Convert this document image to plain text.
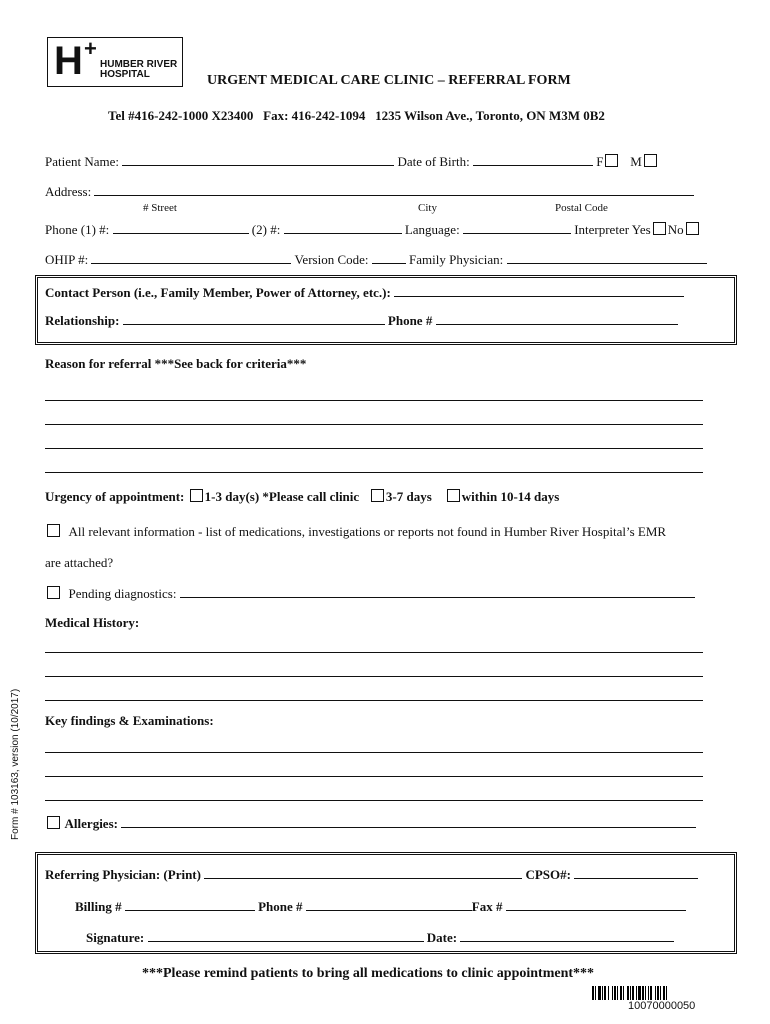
H +
HUMBER RIVER
HOSPITAL	URGENT MEDICAL CARE CLINIC – REFERRAL FORM
Tel #416-242-1000 X23400   Fax: 416-242-1094   1235 Wilson Ave., Toronto, ON M3M 0B2
Patient Name:	Date of Birth:	F M
Address:
# Street	City	Postal Code
Phone (1) #:	(2) #:	Language:	Interpreter Yes No
OHIP #:	Version Code:	Family Physician:
Contact Person (i.e., Family Member, Power of Attorney, etc.):
Relationship:	Phone #
Reason for referral ***See back for criteria***
Urgency of appointment: 1-3 day(s) *Please call clinic 3-7 days within 10-14 days
All relevant information - list of medications, investigations or reports not found in Humber River Hospital’s EMR
are attached?
Pending diagnostics:
Medical History:
Key findings & Examinations:
Allergies:
Referring Physician: (Print)	CPSO#:
Billing #	Phone #	Fax #
Signature:	Date:
***Please remind patients to bring all medications to clinic appointment***
Form # 103163, version (10/2017)
10070000050
